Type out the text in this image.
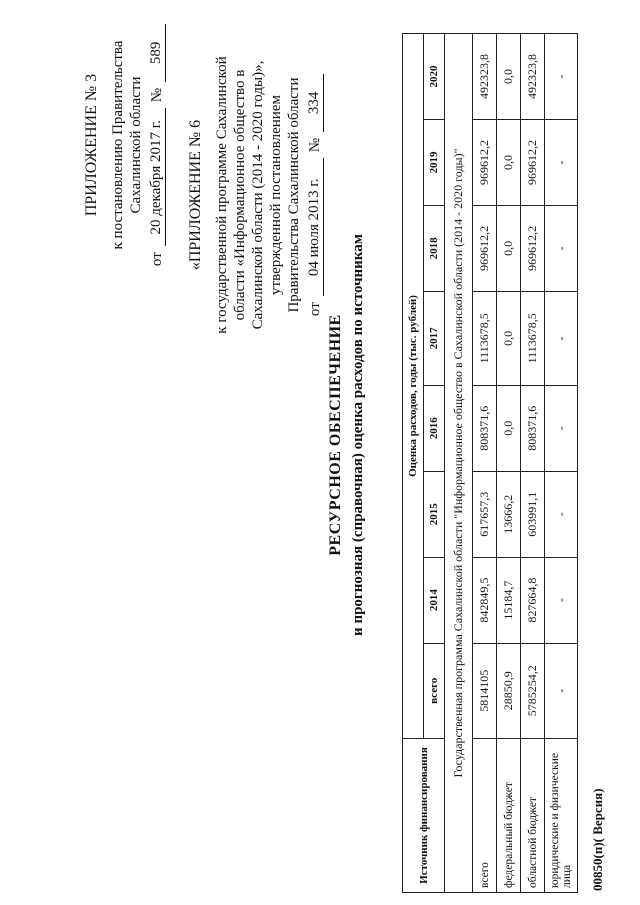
ПРИЛОЖЕНИЕ № 3 к постановлению Правительства Сахалинской области
от
20 декабря 2017 г.
№
589
«ПРИЛОЖЕНИЕ № 6 к государственной программе Сахалинской области «Информационное общество в Сахалинской области (2014 - 2020 годы)», утвержденной постановлением Правительства Сахалинской области от
04 июля 2013 г.
№
334
РЕСУРСНОЕ ОБЕСПЕЧЕНИЕ и прогнозная (справочная) оценка расходов по источникам
Источник финансирования	Оценка расходов, годы (тыс. рублей)							
	всего	2014	2015	2016	2017	2018	2019	2020
Государственная программа Сахалинской области "Информационное общество в Сахалинской области (2014 - 2020 годы)"								
всего	5814105	842849,5	617657,3	808371,6	1113678,5	969612,2	969612,2	492323,8
федеральный бюджет	28850,9	15184,7	13666,2	0,0	0,0	0,0	0,0	0,0
областной бюджет	5785254,2	827664,8	603991,1	808371,6	1113678,5	969612,2	969612,2	492323,8
юридические и физические лица	-	-	-	-	-	-	-	-
00850(п)( Версия)
